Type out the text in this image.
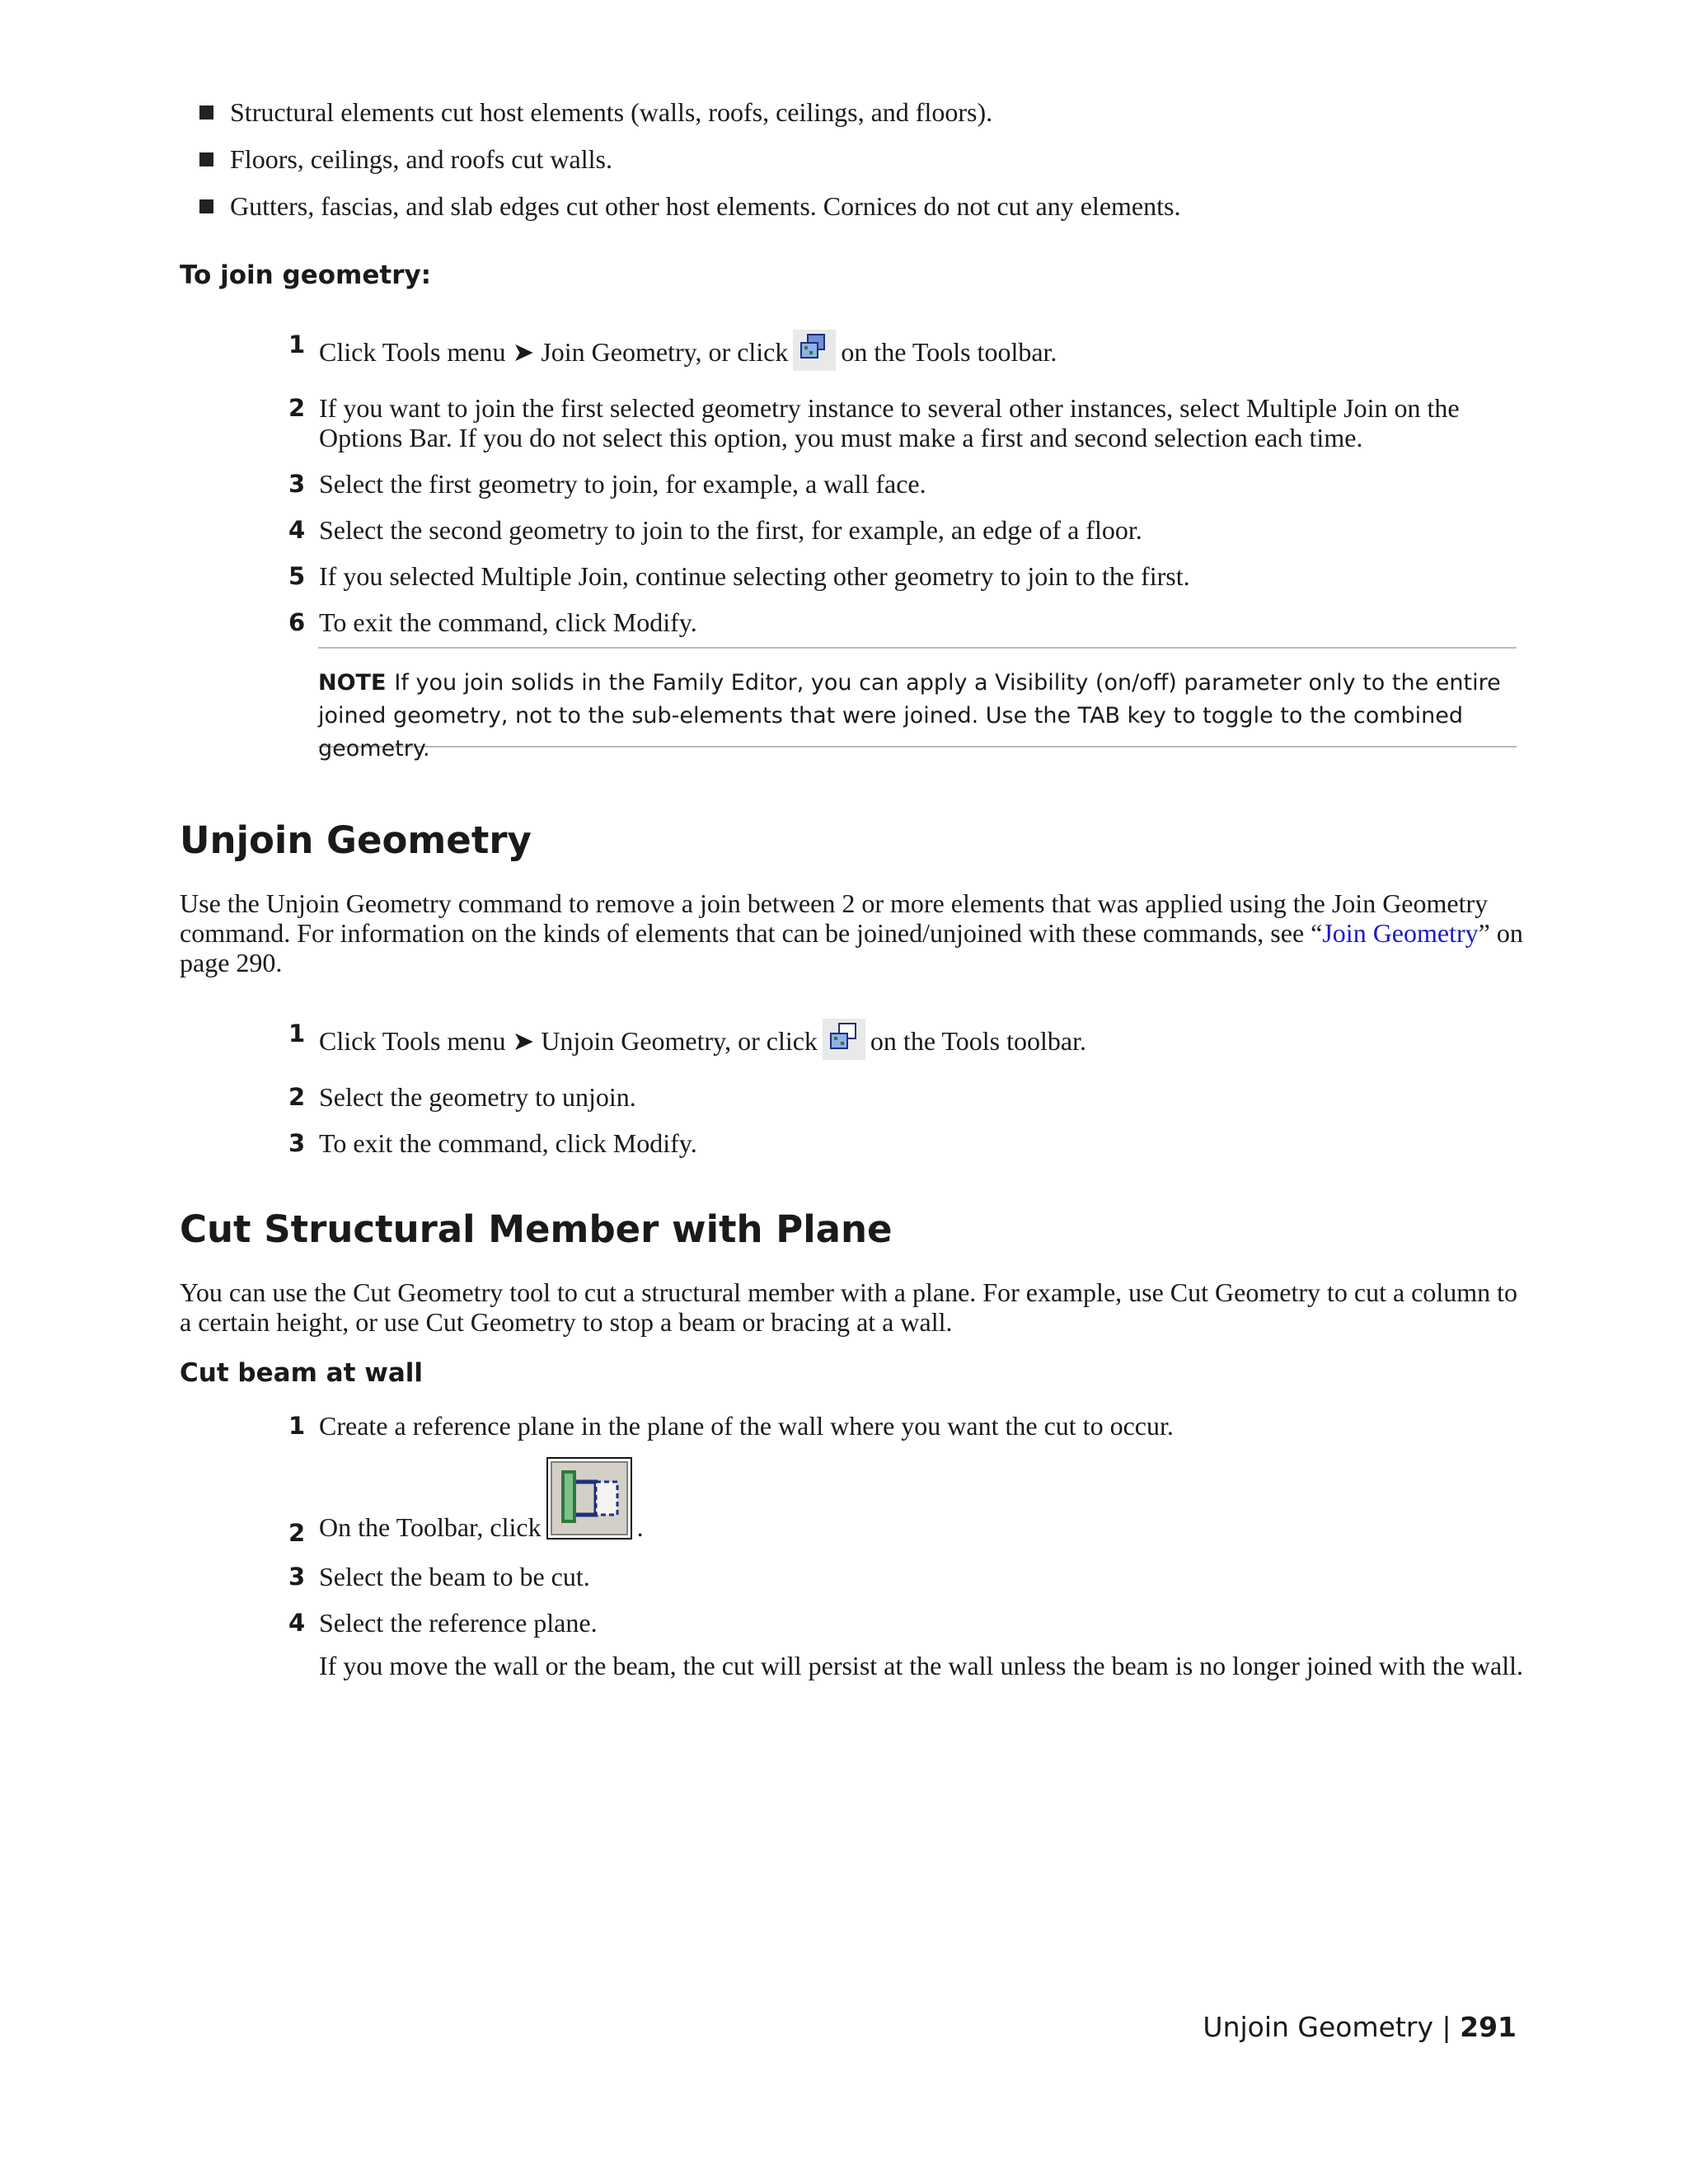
Structural elements cut host elements (walls, roofs, ceilings, and floors).
Floors, ceilings, and roofs cut walls.
Gutters, fascias, and slab edges cut other host elements. Cornices do not cut any elements.
To join geometry:
1 Click Tools menu ➤ Join Geometry, or click on the Tools toolbar.
2 If you want to join the first selected geometry instance to several other instances, select Multiple Join on the Options Bar. If you do not select this option, you must make a first and second selection each time.
3 Select the first geometry to join, for example, a wall face.
4 Select the second geometry to join to the first, for example, an edge of a floor.
5 If you selected Multiple Join, continue selecting other geometry to join to the first.
6 To exit the command, click Modify.
NOTE If you join solids in the Family Editor, you can apply a Visibility (on/off) parameter only to the entire joined geometry, not to the sub-elements that were joined. Use the TAB key to toggle to the combined geometry.
Unjoin Geometry
Use the Unjoin Geometry command to remove a join between 2 or more elements that was applied using the Join Geometry command. For information on the kinds of elements that can be joined/unjoined with these commands, see “Join Geometry” on page 290.
1 Click Tools menu ➤ Unjoin Geometry, or click on the Tools toolbar.
2 Select the geometry to unjoin.
3 To exit the command, click Modify.
Cut Structural Member with Plane
You can use the Cut Geometry tool to cut a structural member with a plane. For example, use Cut Geometry to cut a column to a certain height, or use Cut Geometry to stop a beam or bracing at a wall.
Cut beam at wall
1 Create a reference plane in the plane of the wall where you want the cut to occur.
2 On the Toolbar, click	.
3 Select the beam to be cut.
4 Select the reference plane.
If you move the wall or the beam, the cut will persist at the wall unless the beam is no longer joined with the wall.
Unjoin Geometry | 291
